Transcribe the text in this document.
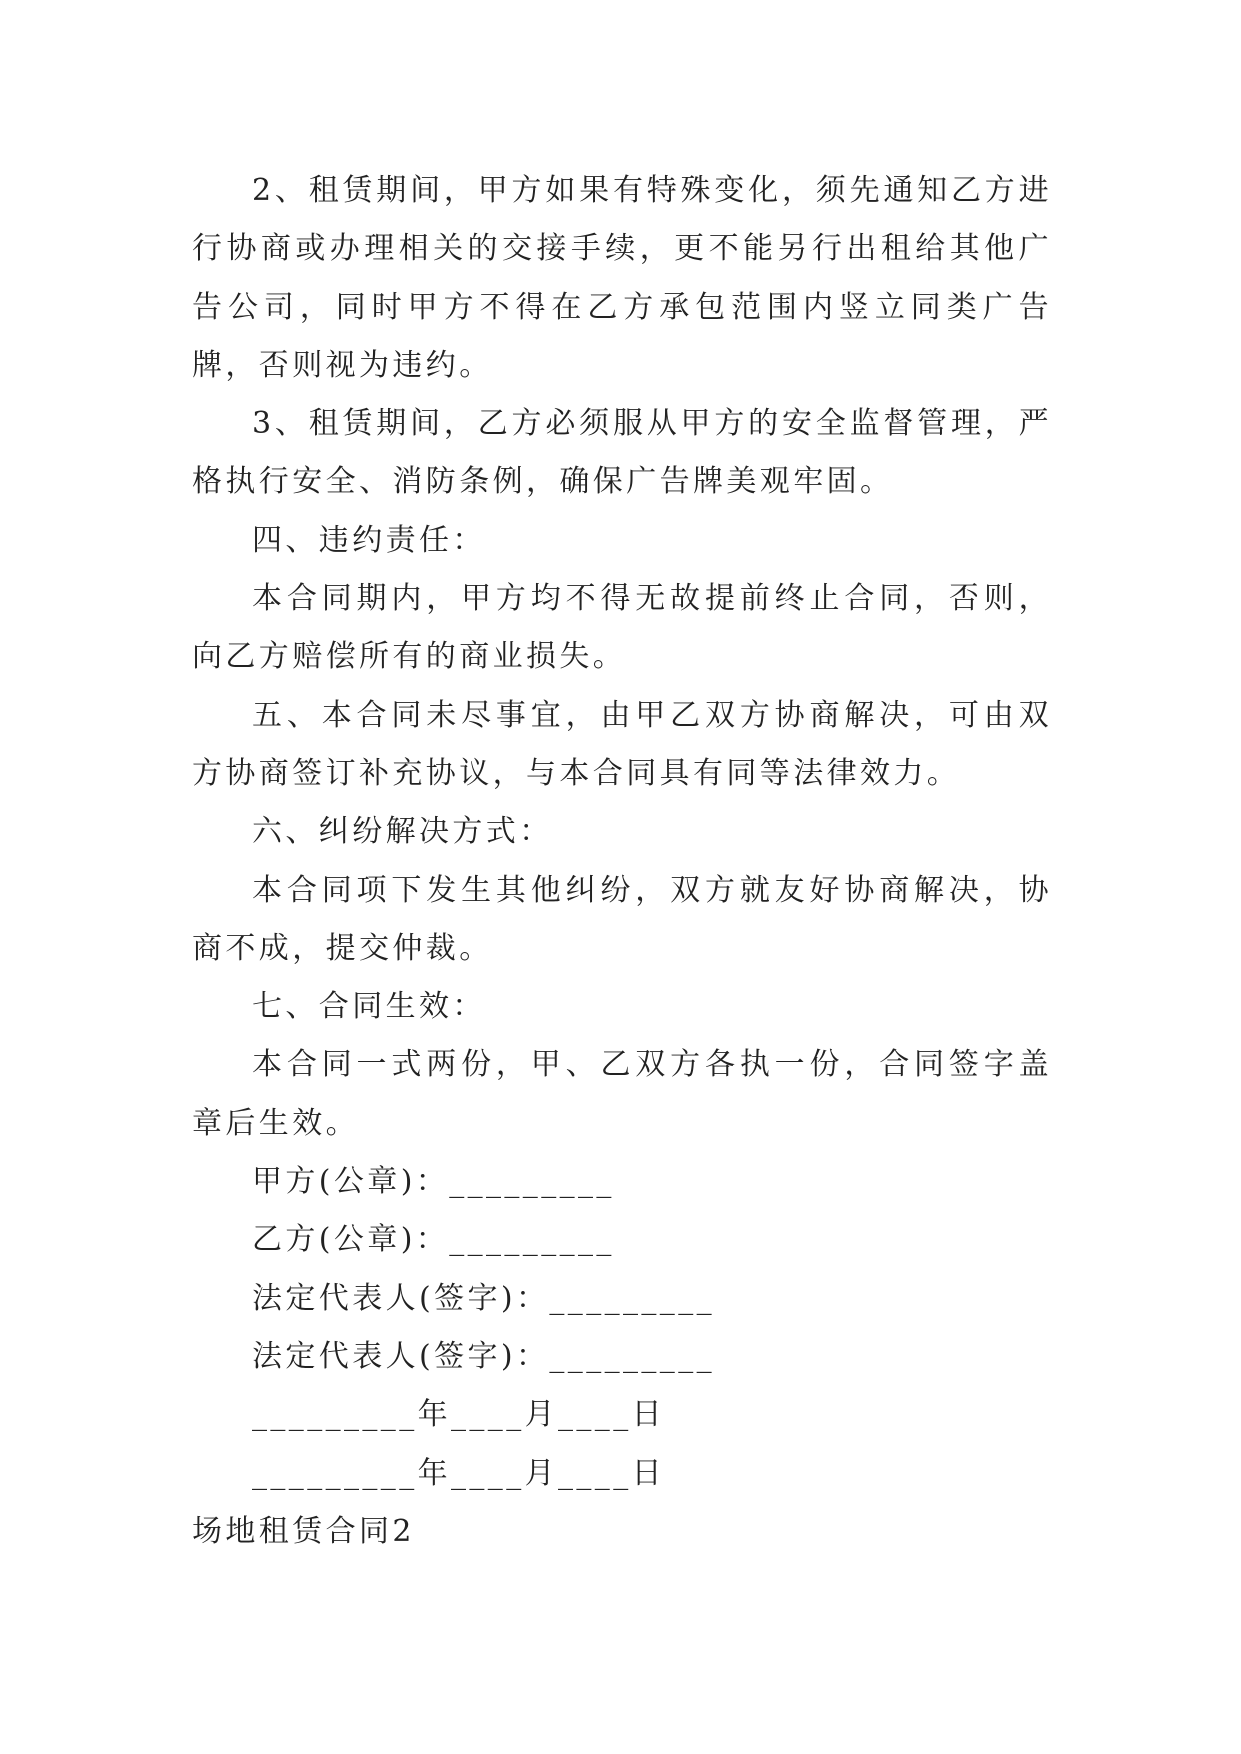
2、租赁期间，甲方如果有特殊变化，须先通知乙方进行协商或办理相关的交接手续，更不能另行出租给其他广告公司，同时甲方不得在乙方承包范围内竖立同类广告牌，否则视为违约。

3、租赁期间，乙方必须服从甲方的安全监督管理，严格执行安全、消防条例，确保广告牌美观牢固。

四、违约责任：

本合同期内，甲方均不得无故提前终止合同，否则，向乙方赔偿所有的商业损失。

五、本合同未尽事宜，由甲乙双方协商解决，可由双方协商签订补充协议，与本合同具有同等法律效力。

六、纠纷解决方式：

本合同项下发生其他纠纷，双方就友好协商解决，协商不成，提交仲裁。

七、合同生效：

本合同一式两份，甲、乙双方各执一份，合同签字盖章后生效。

甲方(公章)：_________

乙方(公章)：_________

法定代表人(签字)：_________

法定代表人(签字)：_________

_________年____月____日

_________年____月____日

场地租赁合同2
